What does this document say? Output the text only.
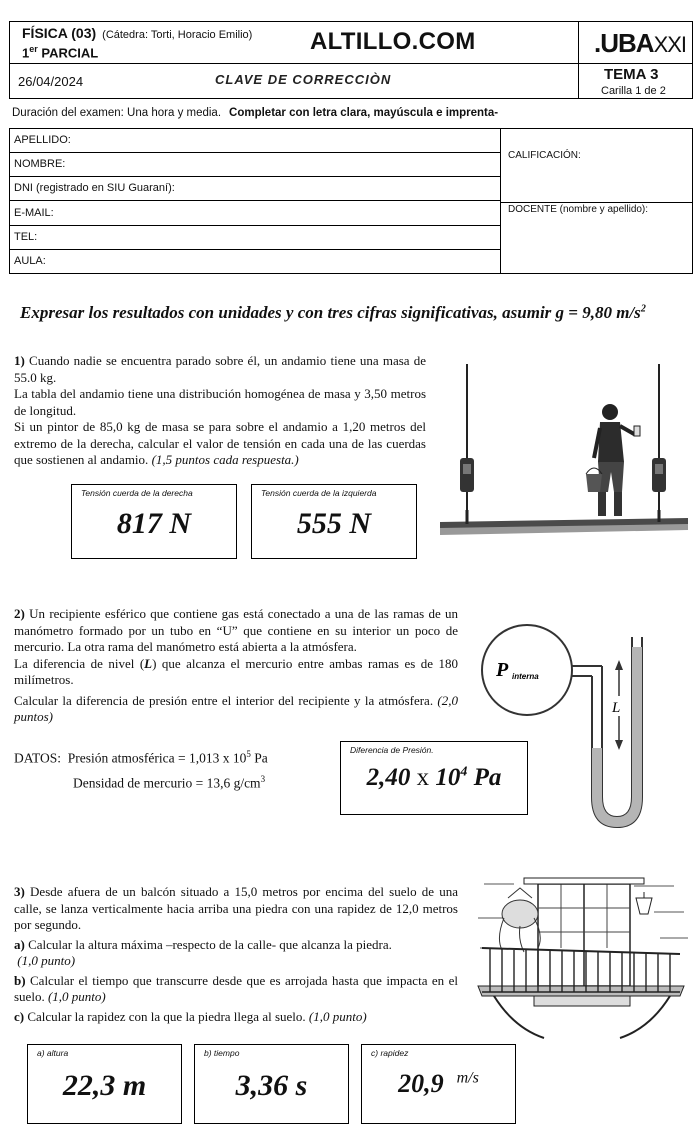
FÍSICA (03) (Cátedra: Torti, Horacio Emilio)
1er PARCIAL	ALTILLO.COM	.UBAXXI
26/04/2024	CLAVE DE CORRECCIÒN	TEMA 3
Carilla 1 de 2
Duración del examen: Una hora y media. Completar con letra clara, mayúscula e imprenta-
APELLIDO:
NOMBRE:
DNI (registrado en SIU Guaraní):
E-MAIL:
TEL:
AULA:
CALIFICACIÓN:
DOCENTE (nombre y apellido):
Expresar los resultados con unidades y con tres cifras significativas, asumir g = 9,80 $m/s^2$

1) Cuando nadie se encuentra parado sobre él, un andamio tiene una masa de 55.0 kg.

La tabla del andamio tiene una distribución homogénea de masa y 3,50 metros de longitud.

Si un pintor de 85,0 kg de masa se para sobre el andamio a 1,20 metros del extremo de la derecha, calcular el valor de tensión en cada una de las cuerdas que sostienen al andamio. (1,5 puntos cada respuesta.)

Tensión cuerda de la derecha
817 N
Tensión cuerda de la izquierda
555 N

2) Un recipiente esférico que contiene gas está conectado a una de las ramas de un manómetro formado por un tubo en “U” que contiene en su interior un poco de mercurio. La otra rama del manómetro está abierta a la atmósfera.

La diferencia de nivel (L) que alcanza el mercurio entre ambas ramas es de 180 milímetros.

Calcular la diferencia de presión entre el interior del recipiente y la atmósfera. (2,0 puntos)

DATOS: Presión atmosférica = 1,013 x $10^5$ Pa
Densidad de mercurio = 13,6 $g/cm^3$
Diferencia de Presión.
2,40 x $10^4$ Pa
P interna
L

3) Desde afuera de un balcón situado a 15,0 metros por encima del suelo de una calle, se lanza verticalmente hacia arriba una piedra con una rapidez de 12,0 metros por segundo.

a) Calcular la altura máxima –respecto de la calle- que alcanza la piedra.
(1,0 punto)

b) Calcular el tiempo que transcurre desde que es arrojada hasta que impacta en el suelo. (1,0 punto)

c) Calcular la rapidez con la que la piedra llega al suelo. (1,0 punto)

a) altura
22,3 m
b) tiempo
3,36 s
c) rapidez
20,9 $^{m/s}$
